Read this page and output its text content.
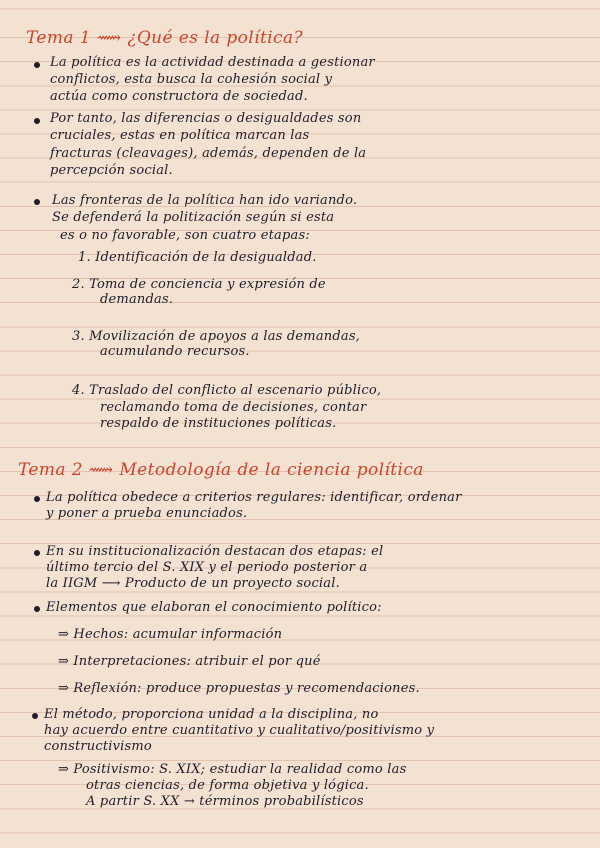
Tema 1 ⟿ ¿Qué es la política?
La política es la actividad destinada a gestionar
conflictos, esta busca la cohesión social y
actúa como constructora de sociedad.
Por tanto, las diferencias o desigualdades son
cruciales, estas en política marcan las
fracturas (cleavages), además, dependen de la
percepción social.
Las fronteras de la política han ido variando.
Se defenderá la politización según si esta
es o no favorable, son cuatro etapas:
1. Identificación de la desigualdad.
2. Toma de conciencia y expresión de
demandas.
3. Movilización de apoyos a las demandas,
acumulando recursos.
4. Traslado del conflicto al escenario público,
reclamando toma de decisiones, contar
respaldo de instituciones políticas.
Tema 2 ⟿ Metodología de la ciencia política
La política obedece a criterios regulares: identificar, ordenar
y poner a prueba enunciados.
En su institucionalización destacan dos etapas: el
último tercio del S. XIX y el periodo posterior a
la IIGM ⟶ Producto de un proyecto social.
Elementos que elaboran el conocimiento político:
⇒ Hechos: acumular información
⇒ Interpretaciones: atribuir el por qué
⇒ Reflexión: produce propuestas y recomendaciones.
El método, proporciona unidad a la disciplina, no
hay acuerdo entre cuantitativo y cualitativo/positivismo y
constructivismo
⇒ Positivismo: S. XIX; estudiar la realidad como las
otras ciencias, de forma objetiva y lógica.
A partir S. XX → términos probabilísticos
